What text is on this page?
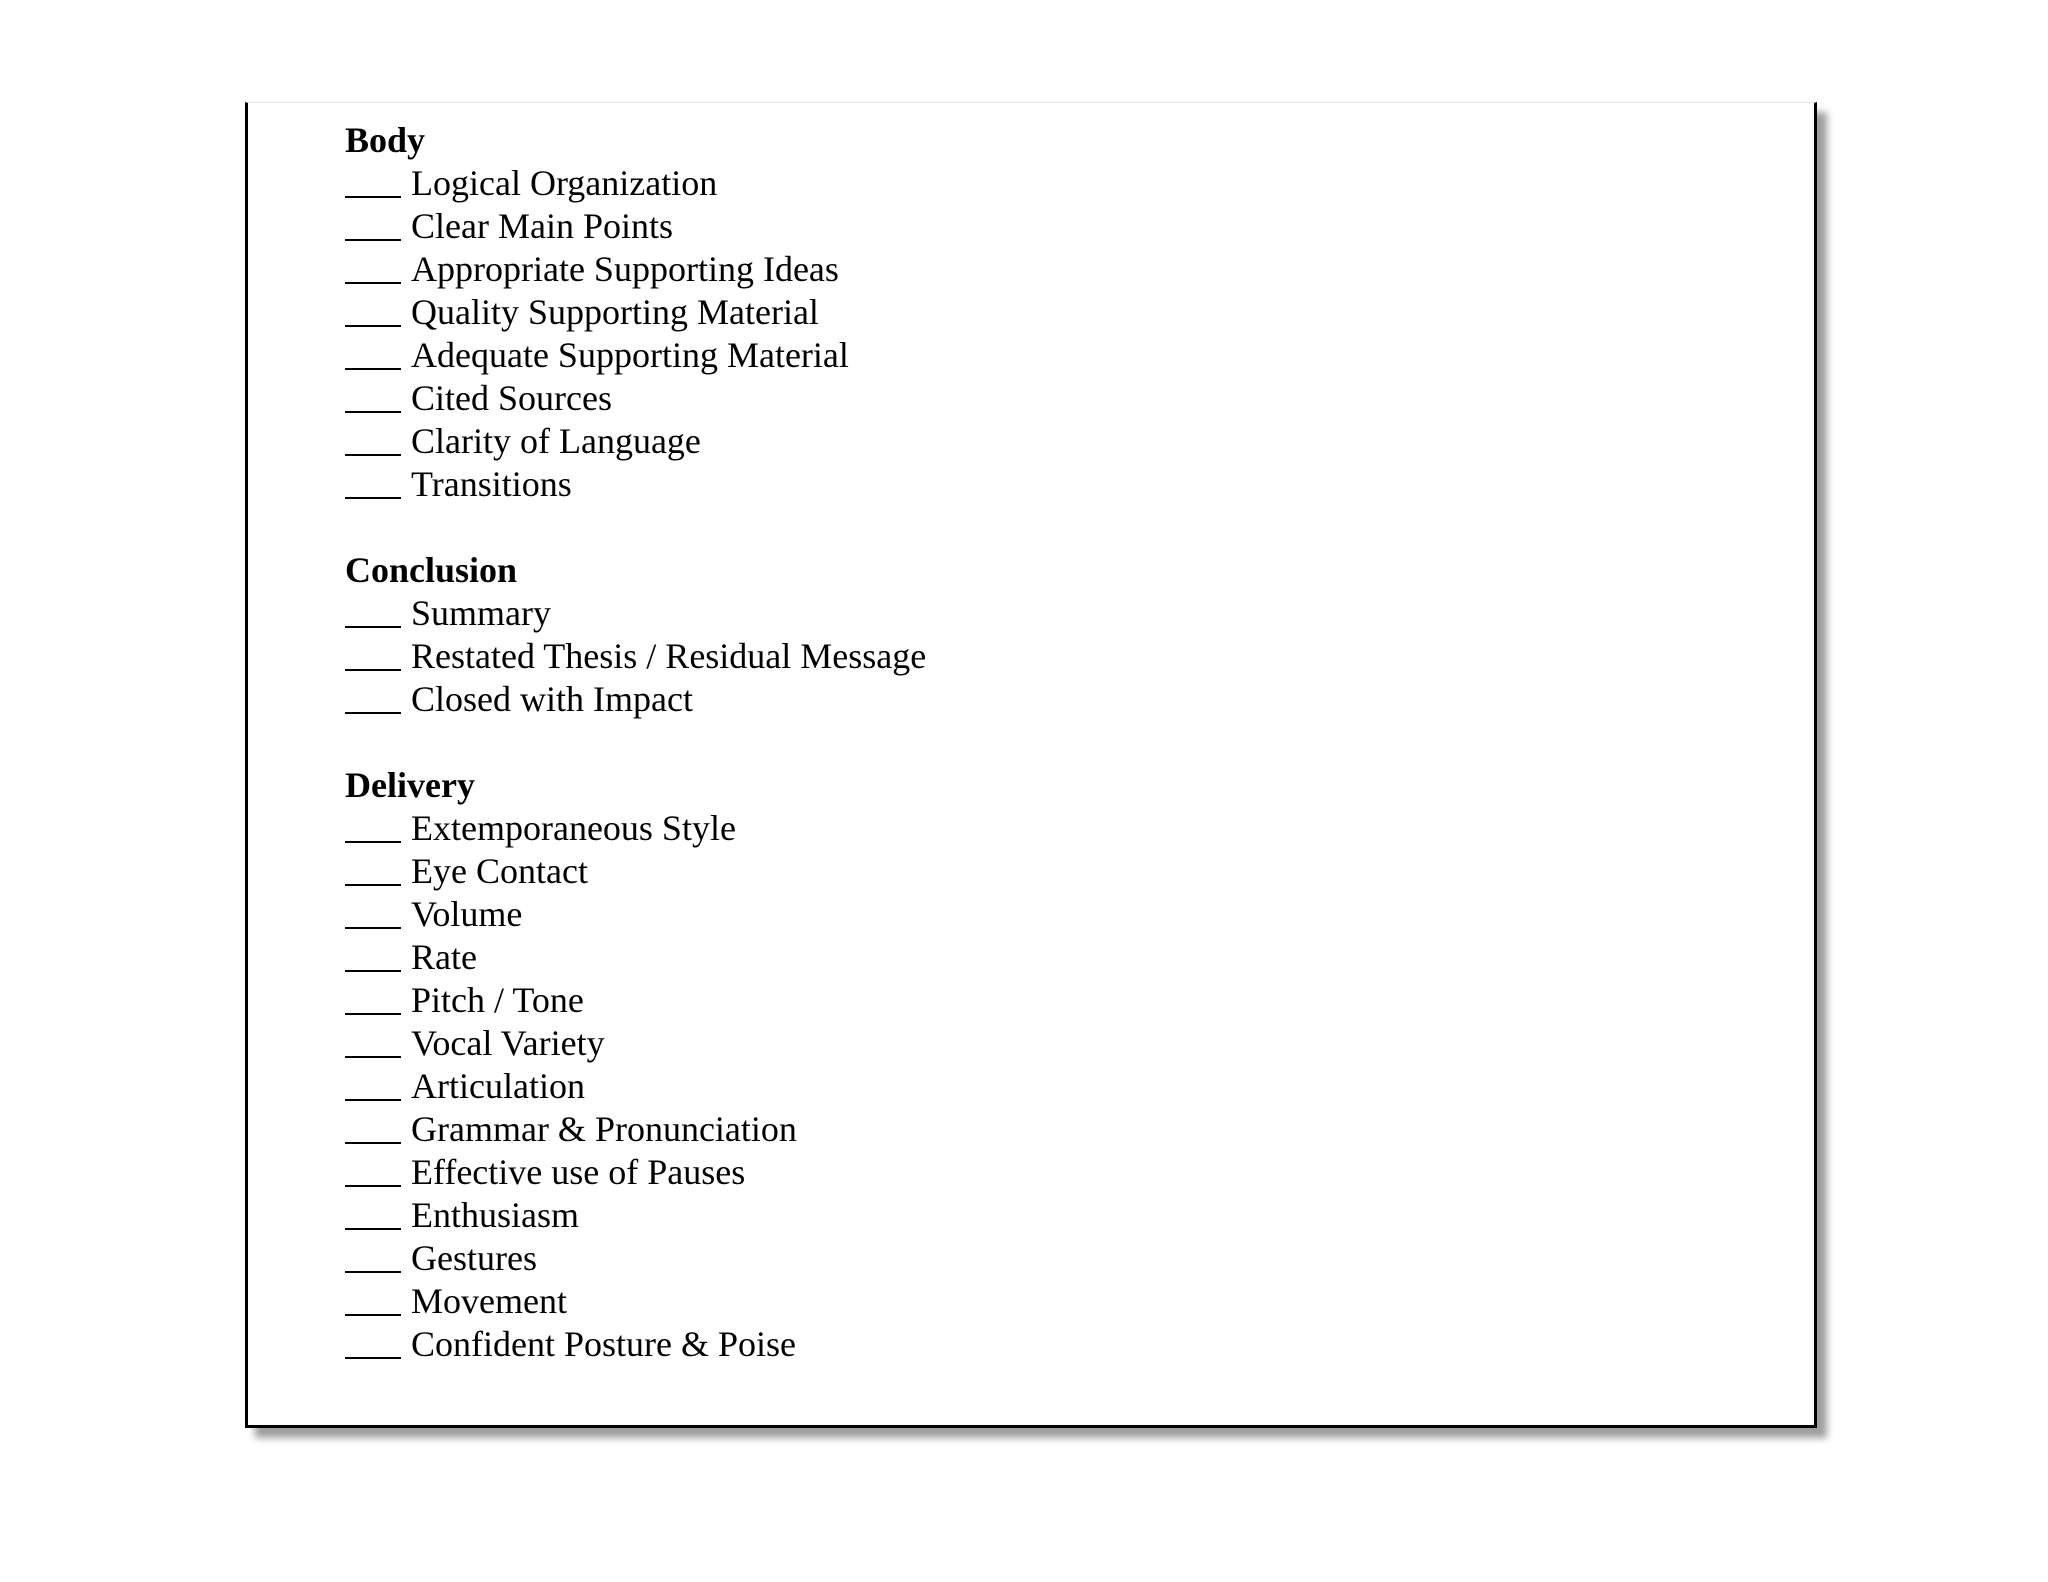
Body
Logical Organization
Clear Main Points
Appropriate Supporting Ideas
Quality Supporting Material
Adequate Supporting Material
Cited Sources
Clarity of Language
Transitions
Conclusion
Summary
Restated Thesis / Residual Message
Closed with Impact
Delivery
Extemporaneous Style
Eye Contact
Volume
Rate
Pitch / Tone
Vocal Variety
Articulation
Grammar & Pronunciation
Effective use of Pauses
Enthusiasm
Gestures
Movement
Confident Posture & Poise
